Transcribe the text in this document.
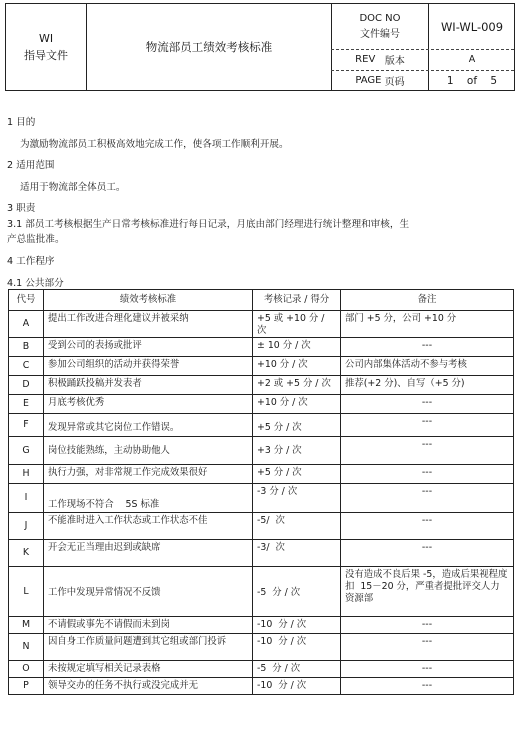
WI
指导文件
物流部员工绩效考核标准
DOC NO
文件编号
WI-WL-009
REV
版本	A
PAGE
页码	1    of    5
1 目的
为激励物流部员工积极高效地完成工作，使各项工作顺利开展。
2 适用范围
适用于物流部全体员工。
3 职责
3.1 部员工考核根据生产日常考核标准进行每日记录，月底由部门经理进行统计整理和审核，生
产总监批准。
4 工作程序
4.1 公共部分
代号	绩效考核标准	考核记录 / 得分	备注
A	提出工作改进合理化建议并被采纳	+5 或 +10 分 / 次	部门 +5 分，公司 +10 分
B	受到公司的表扬或批评	± 10 分 / 次	---
C	参加公司组织的活动并获得荣誉	+10 分 / 次	公司内部集体活动不参与考核
D	积极踊跃投稿并发表者	+2 或 +5 分 / 次	推荐(+2 分)、自写（+5 分)
E	月底考核优秀	+10 分 / 次	---
F	发现异常或其它岗位工作错误。	+5 分 / 次	---
G	岗位技能熟练，主动协助他人	+3 分 / 次	---
H	执行力强，对非常规工作完成效果很好	+5 分 / 次	---
I	工作现场不符合    5S 标准	-3 分 / 次	---
J	不能准时进入工作状态或工作状态不佳	-5/  次	---
K	开会无正当理由迟到或缺席	-3/  次	---
L	工作中发现异常情况不反馈	-5  分 / 次	没有造成不良后果 -5，造成后果视程度扣  15－20 分，严重者提批评交人力资源部
M	不请假或事先不请假而未到岗	-10  分 / 次	---
N	因自身工作质量问题遭到其它组或部门投诉	-10  分 / 次	---
O	未按规定填写相关记录表格	-5  分 / 次	---
P	领导交办的任务不执行或没完成并无	-10  分 / 次	---
